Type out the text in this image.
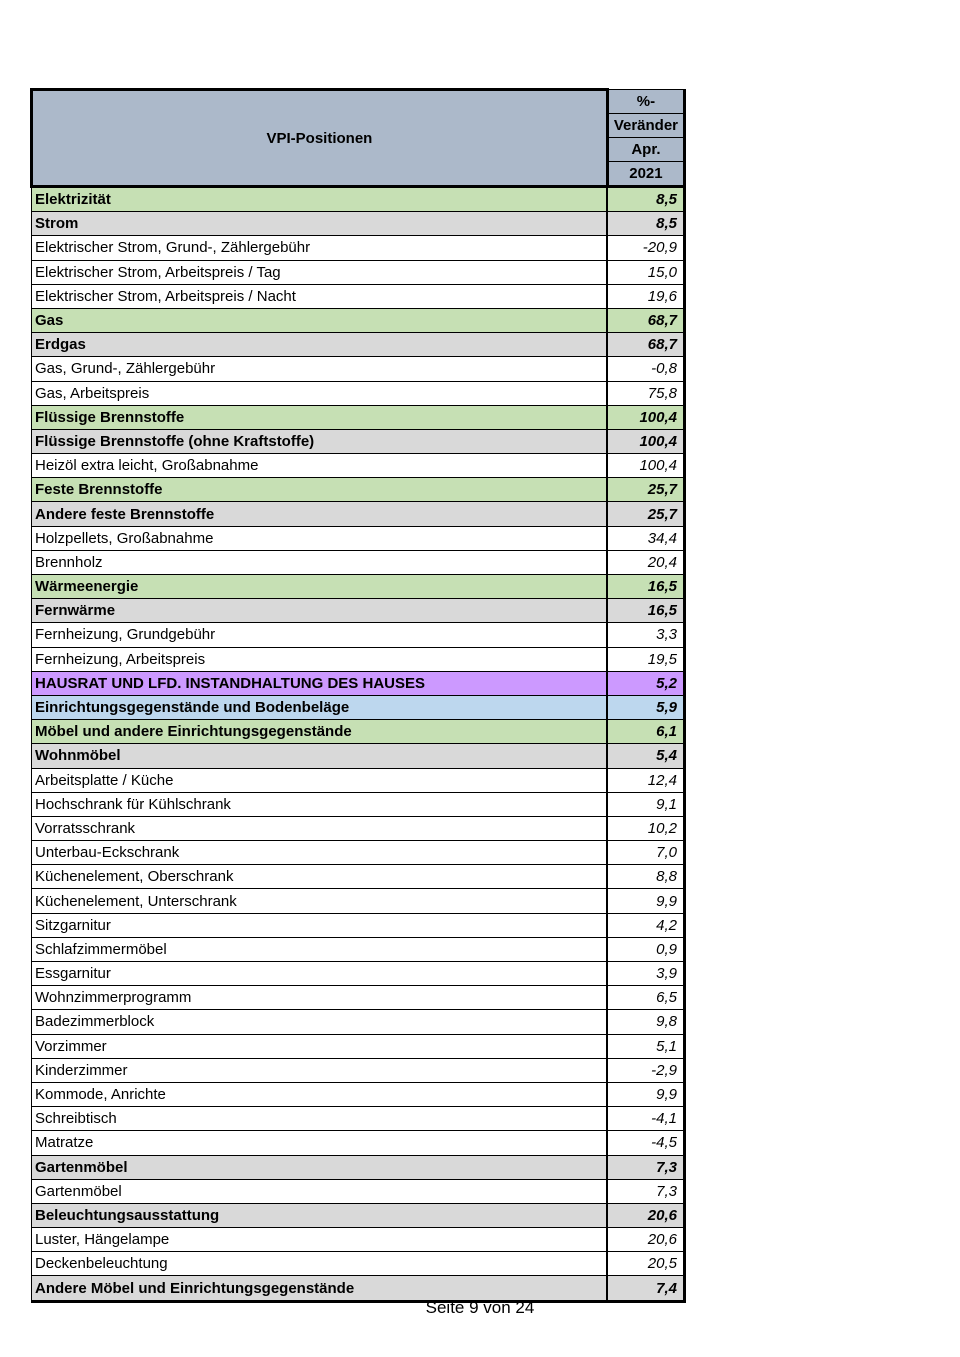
VPI-Positionen	%-
	Veränder
	Apr.
	2021
Elektrizität	8,5
Strom	8,5
Elektrischer Strom, Grund-, Zählergebühr	-20,9
Elektrischer Strom, Arbeitspreis / Tag	15,0
Elektrischer Strom, Arbeitspreis / Nacht	19,6
Gas	68,7
Erdgas	68,7
Gas, Grund-, Zählergebühr	-0,8
Gas, Arbeitspreis	75,8
Flüssige Brennstoffe	100,4
Flüssige Brennstoffe (ohne Kraftstoffe)	100,4
Heizöl extra leicht, Großabnahme	100,4
Feste Brennstoffe	25,7
Andere feste Brennstoffe	25,7
Holzpellets, Großabnahme	34,4
Brennholz	20,4
Wärmeenergie	16,5
Fernwärme	16,5
Fernheizung, Grundgebühr	3,3
Fernheizung, Arbeitspreis	19,5
HAUSRAT UND LFD. INSTANDHALTUNG DES HAUSES	5,2
Einrichtungsgegenstände und Bodenbeläge	5,9
Möbel und andere Einrichtungsgegenstände	6,1
Wohnmöbel	5,4
Arbeitsplatte / Küche	12,4
Hochschrank für Kühlschrank	9,1
Vorratsschrank	10,2
Unterbau-Eckschrank	7,0
Küchenelement, Oberschrank	8,8
Küchenelement, Unterschrank	9,9
Sitzgarnitur	4,2
Schlafzimmermöbel	0,9
Essgarnitur	3,9
Wohnzimmerprogramm	6,5
Badezimmerblock	9,8
Vorzimmer	5,1
Kinderzimmer	-2,9
Kommode, Anrichte	9,9
Schreibtisch	-4,1
Matratze	-4,5
Gartenmöbel	7,3
Gartenmöbel	7,3
Beleuchtungsausstattung	20,6
Luster, Hängelampe	20,6
Deckenbeleuchtung	20,5
Andere Möbel und Einrichtungsgegenstände	7,4
Seite 9 von 24
